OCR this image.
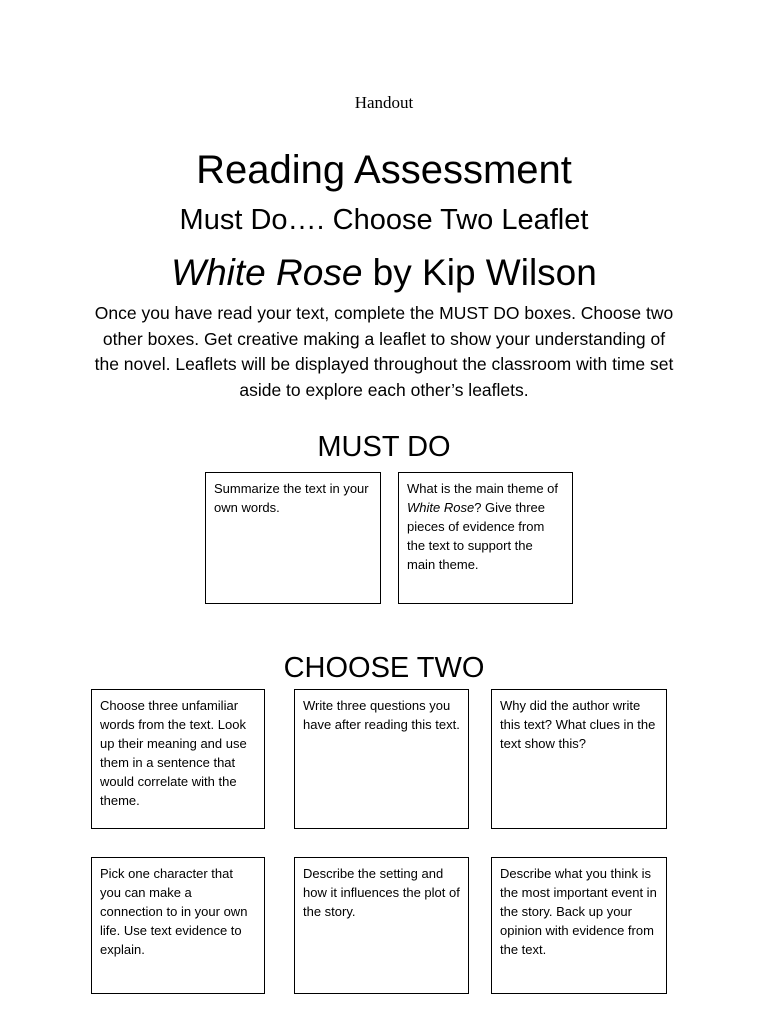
Handout
Reading Assessment
Must Do…. Choose Two Leaflet
White Rose by Kip Wilson
Once you have read your text, complete the MUST DO boxes. Choose two other boxes. Get creative making a leaflet to show your understanding of the novel. Leaflets will be displayed throughout the classroom with time set aside to explore each other’s leaflets.
MUST DO
Summarize the text in your own words.
What is the main theme of White Rose? Give three pieces of evidence from the text to support the main theme.
CHOOSE TWO
Choose three unfamiliar words from the text. Look up their meaning and use them in a sentence that would correlate with the theme.
Write three questions you have after reading this text.
Why did the author write this text? What clues in the text show this?
Pick one character that you can make a connection to in your own life. Use text evidence to explain.
Describe the setting and how it influences the plot of the story.
Describe what you think is the most important event in the story. Back up your opinion with evidence from the text.
